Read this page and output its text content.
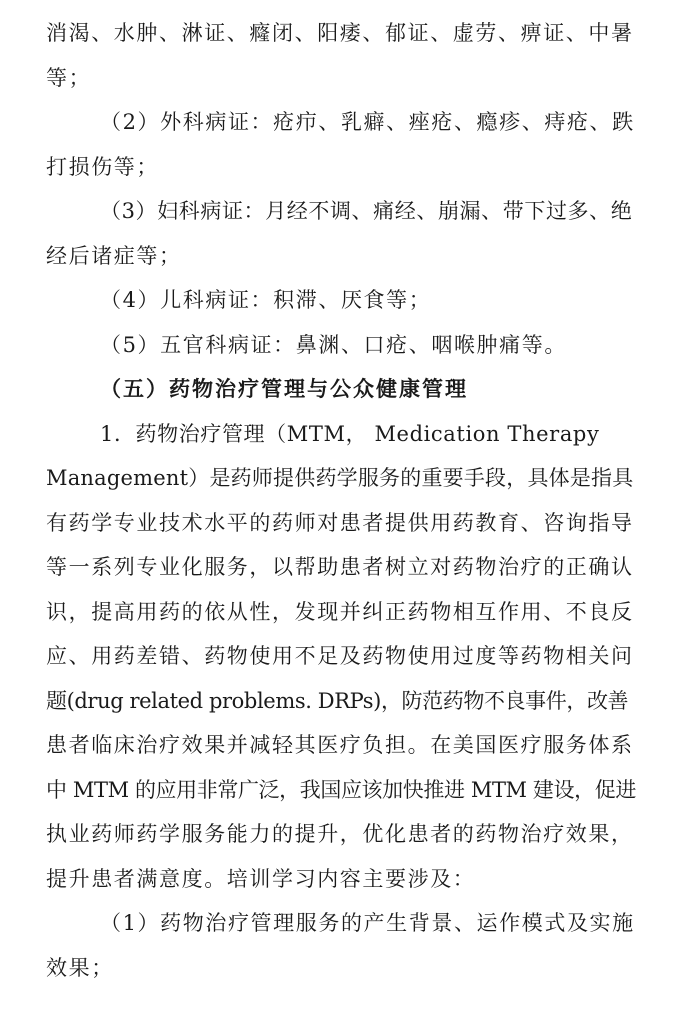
消渴、水肿、淋证、癃闭、阳痿、郁证、虚劳、痹证、中暑
等；
（2）外科病证：疮疖、乳癖、痤疮、瘾疹、痔疮、跌
打损伤等；
（3）妇科病证：月经不调、痛经、崩漏、带下过多、绝
经后诸症等；
（4）儿科病证：积滞、厌食等；
（5）五官科病证：鼻渊、口疮、咽喉肿痛等。
（五）药物治疗管理与公众健康管理
1．药物治疗管理（MTM， Medication Therapy
Management）是药师提供药学服务的重要手段，具体是指具
有药学专业技术水平的药师对患者提供用药教育、咨询指导
等一系列专业化服务，以帮助患者树立对药物治疗的正确认
识，提高用药的依从性，发现并纠正药物相互作用、不良反
应、用药差错、药物使用不足及药物使用过度等药物相关问
题(drug related problems. DRPs)，防范药物不良事件，改善
患者临床治疗效果并减轻其医疗负担。在美国医疗服务体系
中 MTM 的应用非常广泛，我国应该加快推进 MTM 建设，促进
执业药师药学服务能力的提升，优化患者的药物治疗效果，
提升患者满意度。培训学习内容主要涉及：
（1）药物治疗管理服务的产生背景、运作模式及实施
效果；
